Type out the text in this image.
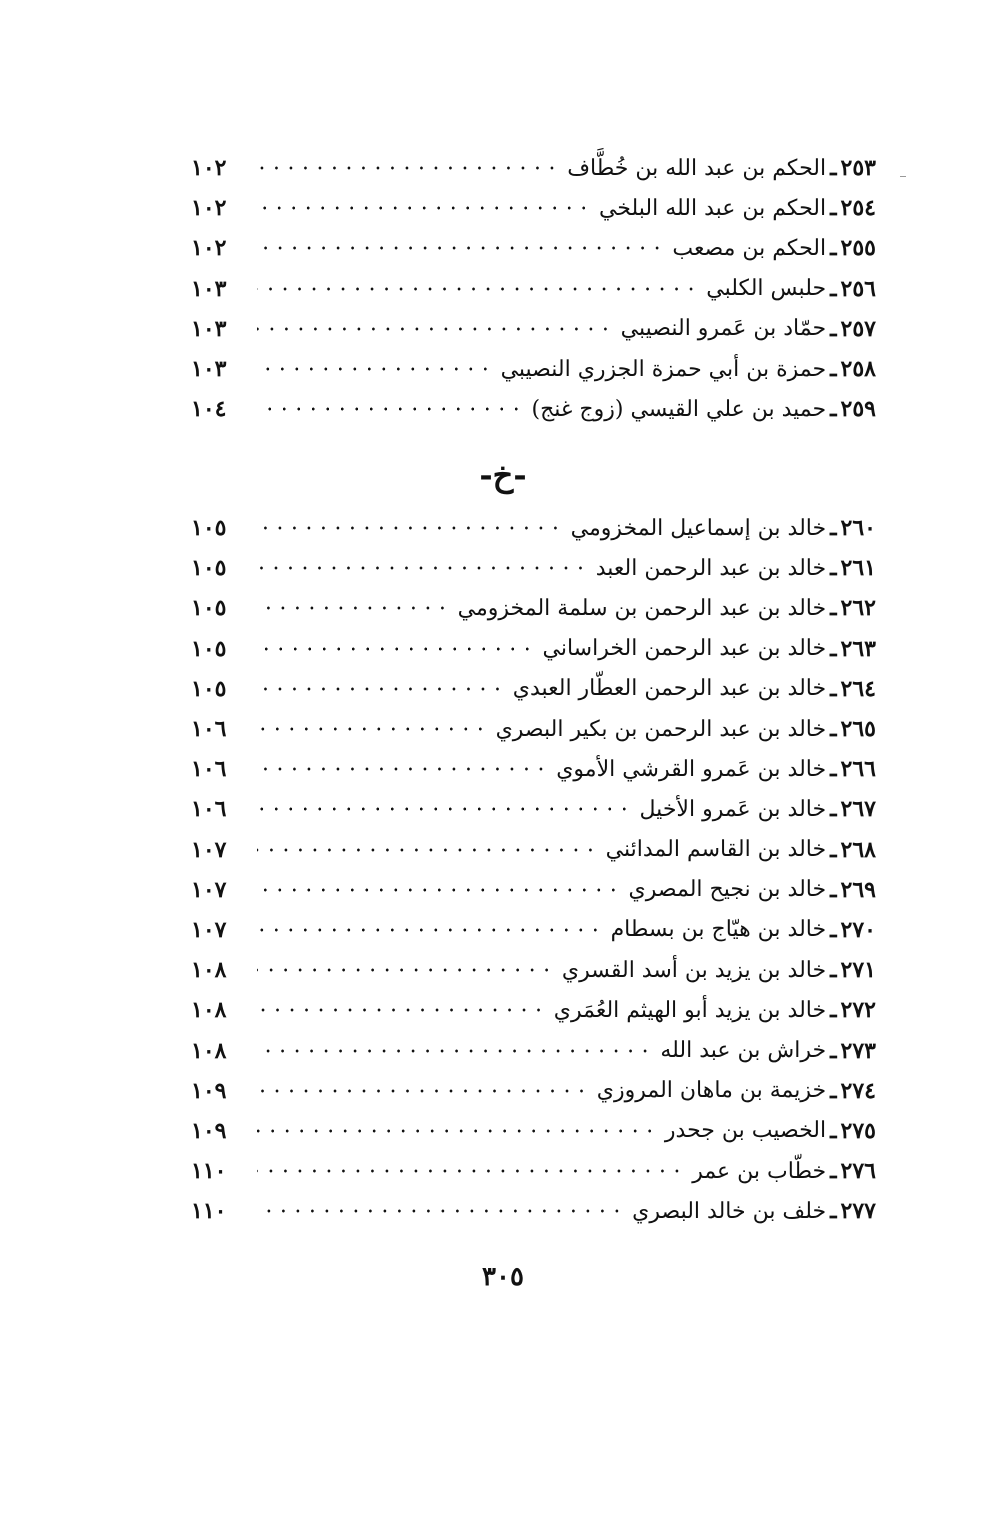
٢٥٣
ـ
الحكم بن عبد الله بن خُطَّاف
١٠٢
٢٥٤
ـ
الحكم بن عبد الله البلخي
١٠٢
٢٥٥
ـ
الحكم بن مصعب
١٠٢
٢٥٦
ـ
حلبس الكلبي
١٠٣
٢٥٧
ـ
حمّاد بن عَمرو النصيبي
١٠٣
٢٥٨
ـ
حمزة بن أبي حمزة الجزري النصيبي
١٠٣
٢٥٩
ـ
حميد بن علي القيسي (زوج غنج)
١٠٤
-خ-
٢٦٠
ـ
خالد بن إسماعيل المخزومي
١٠٥
٢٦١
ـ
خالد بن عبد الرحمن العبد
١٠٥
٢٦٢
ـ
خالد بن عبد الرحمن بن سلمة المخزومي
١٠٥
٢٦٣
ـ
خالد بن عبد الرحمن الخراساني
١٠٥
٢٦٤
ـ
خالد بن عبد الرحمن العطّار العبدي
١٠٥
٢٦٥
ـ
خالد بن عبد الرحمن بن بكير البصري
١٠٦
٢٦٦
ـ
خالد بن عَمرو القرشي الأموي
١٠٦
٢٦٧
ـ
خالد بن عَمرو الأخيل
١٠٦
٢٦٨
ـ
خالد بن القاسم المدائني
١٠٧
٢٦٩
ـ
خالد بن نجيح المصري
١٠٧
٢٧٠
ـ
خالد بن هيّاج بن بسطام
١٠٧
٢٧١
ـ
خالد بن يزيد بن أسد القسري
١٠٨
٢٧٢
ـ
خالد بن يزيد أبو الهيثم العُمَري
١٠٨
٢٧٣
ـ
خراش بن عبد الله
١٠٨
٢٧٤
ـ
خزيمة بن ماهان المروزي
١٠٩
٢٧٥
ـ
الخصيب بن جحدر
١٠٩
٢٧٦
ـ
خطّاب بن عمر
١١٠
٢٧٧
ـ
خلف بن خالد البصري
١١٠
٣٠٥
